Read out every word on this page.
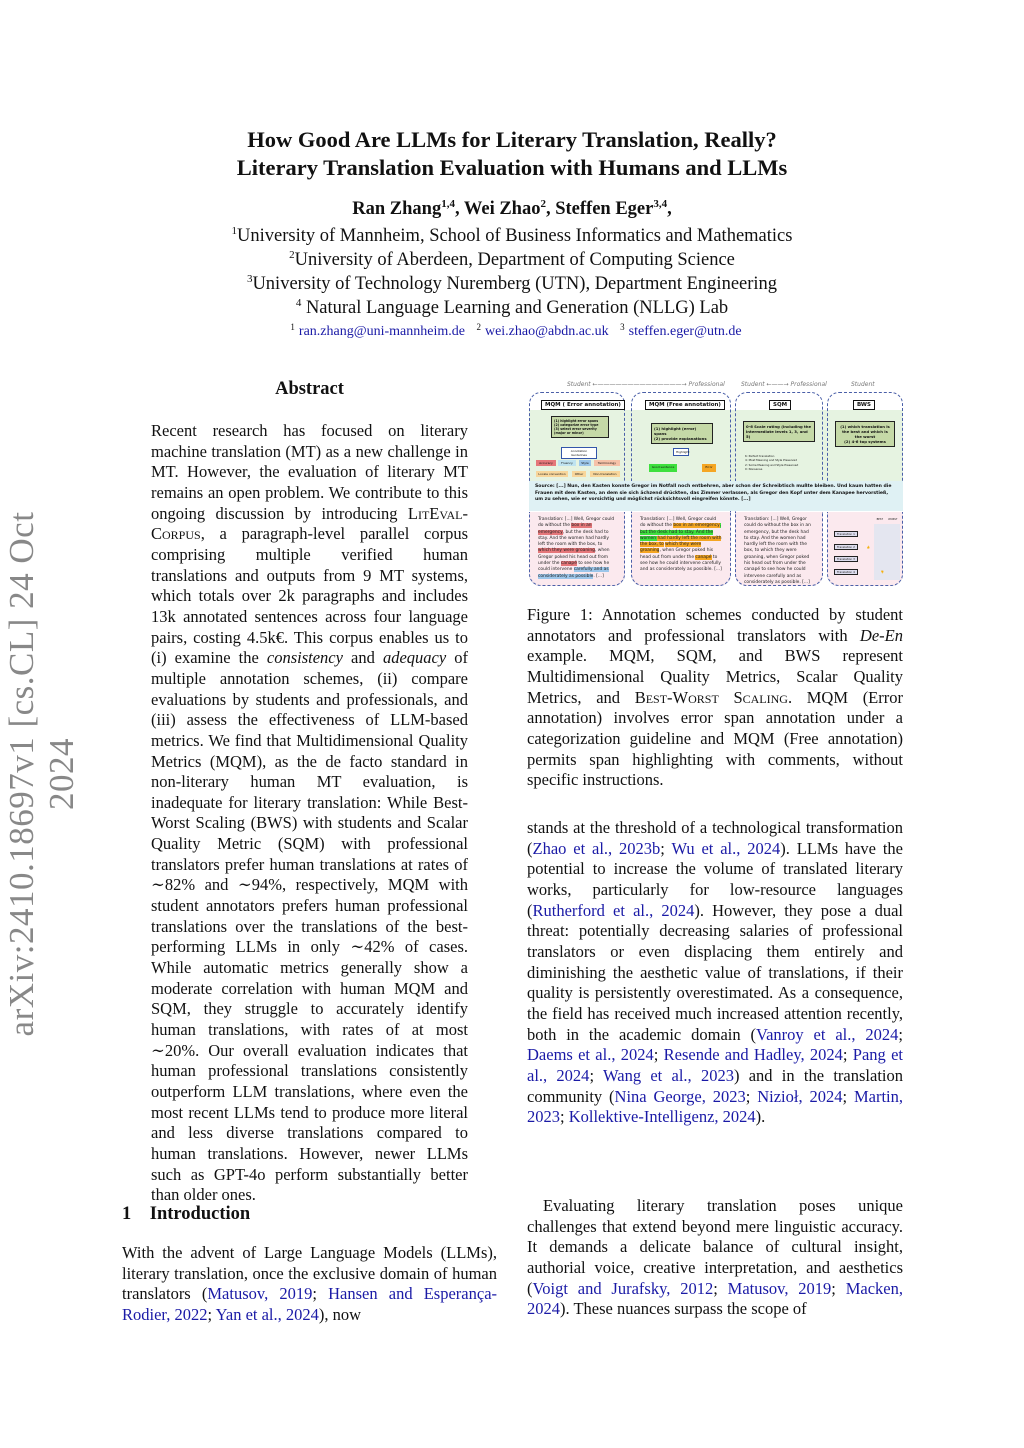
arXiv:2410.18697v1 [cs.CL] 24 Oct 2024
How Good Are LLMs for Literary Translation, Really?
Literary Translation Evaluation with Humans and LLMs
Ran Zhang$^{1,4}$, Wei Zhao$^2$, Steffen Eger$^{3,4}$,
$^1$University of Mannheim, School of Business Informatics and Mathematics
$^2$University of Aberdeen, Department of Computing Science
$^3$University of Technology Nuremberg (UTN), Department Engineering
$^4$ Natural Language Learning and Generation (NLLG) Lab
$^1$ ran.zhang@uni-mannheim.de $^2$ wei.zhao@abdn.ac.uk $^3$ steffen.eger@utn.de
Abstract
Recent research has focused on literary machine translation (MT) as a new challenge in MT. However, the evaluation of literary MT remains an open problem. We contribute to this ongoing discussion by introducing LitEval-Corpus, a paragraph-level parallel corpus comprising multiple verified human translations and outputs from 9 MT systems, which totals over 2k paragraphs and includes 13k annotated sentences across four language pairs, costing 4.5k€. This corpus enables us to (i) examine the consistency and adequacy of multiple annotation schemes, (ii) compare evaluations by students and professionals, and (iii) assess the effectiveness of LLM-based metrics. We find that Multidimensional Quality Metrics (MQM), as the de facto standard in non-literary human MT evaluation, is inadequate for literary translation: While Best-Worst Scaling (BWS) with students and Scalar Quality Metric (SQM) with professional translators prefer human translations at rates of ∼82% and ∼94%, respectively, MQM with student annotators prefers human professional translations over the translations of the best-performing LLMs in only ∼42% of cases. While automatic metrics generally show a moderate correlation with human MQM and SQM, they struggle to accurately identify human translations, with rates of at most ∼20%. Our overall evaluation indicates that human professional translations consistently outperform LLM translations, where even the most recent LLMs tend to produce more literal and less diverse translations compared to human translations. However, newer LLMs such as GPT-4o perform substantially better than older ones.
1 Introduction
With the advent of Large Language Models (LLMs), literary translation, once the exclusive domain of human translators (Matusov, 2019; Hansen and Esperança-Rodier, 2022; Yan et al., 2024), now
Student ←——————————————→ Professional	Student ←——→ Professional	Student
MQM ( Error annotation)	MQM (Free annotation)	SQM	BWS
(1) highlight error spans
(2) categorize error type
(3) select error severity (major or minor)
Annotation Guidelines
Accuracy	Fluency	Style	Terminology
Locale convention	Other	Non-translation
(1) highlight (error) spans
(2) provide explanations
Highlight
Good sentence	Error
0-6 Scale rating (including the intermediate levels 1, 3, and 5)
6: Perfect translation
4: Most Meaning and Style Preserved
2: Some Meaning and Style Preserved
0: Nonsense
(1) which translation is the best and which is the worst
(2) 4-6 top systems
Source: [...] Nun, den Kasten konnte Gregor im Notfall noch entbehren, aber schon der Schreibtisch mußte bleiben. Und kaum hatten die Frauen mit dem Kasten, an dem sie sich ächzend drückten, das Zimmer verlassen, als Gregor den Kopf unter dem Kanapee hervorstieß, um zu sehen, wie er vorsichtig und möglichst rücksichtsvoll eingreifen könnte. [...]
Translation: [...] Well, Gregor could do without the box in an emergency, but the desk had to stay. And the women had hardly left the room with the box, to which they were groaning, when Gregor poked his head out from under the canapé to see how he could intervene carefully and as considerately as possible. [...]
Translation: [...] Well, Gregor could do without the box in an emergency, but the desk had to stay. And the women had hardly left the room with the box, to which they were groaning, when Gregor poked his head out from under the canapé to see how he could intervene carefully and as considerately as possible. [...]
Translation: [...] Well, Gregor could do without the box in an emergency, but the desk had to stay. And the women had hardly left the room with the box, to which they were groaning, when Gregor poked his head out from under the canapé to see how he could intervene carefully and as considerately as possible. [...]
BEST WORST
Translation 1
Translation 2	👍
Translation 3
Translation 4	👎
Figure 1: Annotation schemes conducted by student annotators and professional translators with De-En example. MQM, SQM, and BWS represent Multidimensional Quality Metrics, Scalar Quality Metrics, and Best-Worst Scaling. MQM (Error annotation) involves error span annotation under a categorization guideline and MQM (Free annotation) permits span highlighting with comments, without specific instructions.
stands at the threshold of a technological transformation (Zhao et al., 2023b; Wu et al., 2024). LLMs have the potential to increase the volume of translated literary works, particularly for low-resource languages (Rutherford et al., 2024). However, they pose a dual threat: potentially decreasing salaries of professional translators or even displacing them entirely and diminishing the aesthetic value of translations, if their quality is persistently overestimated. As a consequence, the field has received much increased attention recently, both in the academic domain (Vanroy et al., 2024; Daems et al., 2024; Resende and Hadley, 2024; Pang et al., 2024; Wang et al., 2023) and in the translation community (Nina George, 2023; Nizioł, 2024; Martin, 2023; Kollektive-Intelligenz, 2024).
Evaluating literary translation poses unique challenges that extend beyond mere linguistic accuracy. It demands a delicate balance of cultural insight, authorial voice, creative interpretation, and aesthetics (Voigt and Jurafsky, 2012; Matusov, 2019; Macken, 2024). These nuances surpass the scope of
